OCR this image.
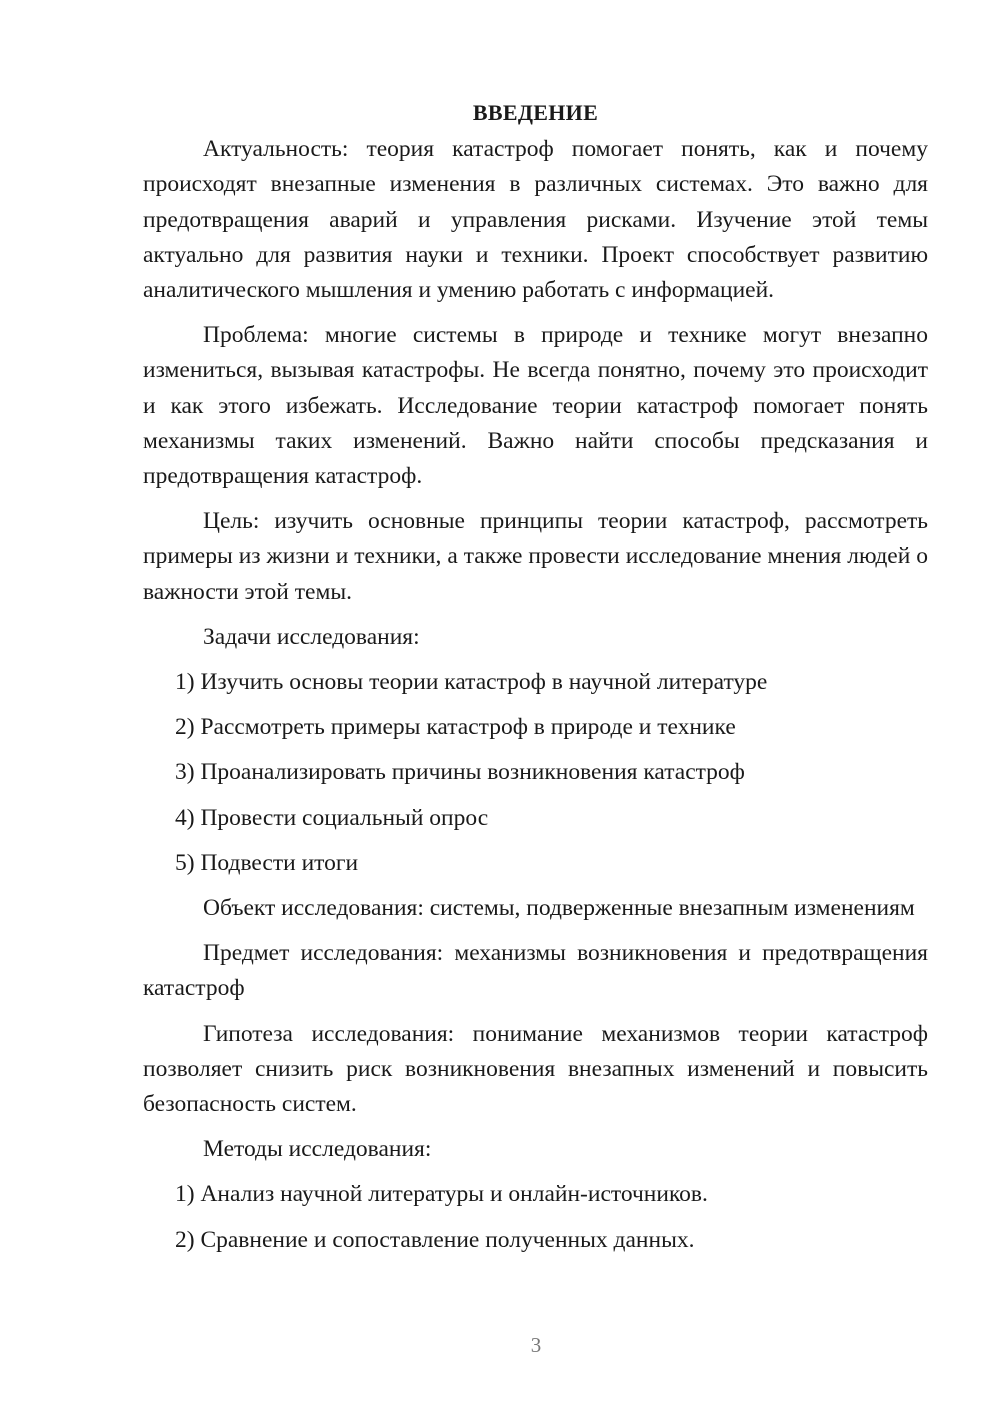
ВВЕДЕНИЕ

Актуальность: теория катастроф помогает понять, как и почему происходят внезапные изменения в различных системах. Это важно для предотвращения аварий и управления рисками. Изучение этой темы актуально для развития науки и техники. Проект способствует развитию аналитического мышления и умению работать с информацией.

Проблема: многие системы в природе и технике могут внезапно измениться, вызывая катастрофы. Не всегда понятно, почему это происходит и как этого избежать. Исследование теории катастроф помогает понять механизмы таких изменений. Важно найти способы предсказания и предотвращения катастроф.

Цель: изучить основные принципы теории катастроф, рассмотреть примеры из жизни и техники, а также провести исследование мнения людей о важности этой темы.

Задачи исследования:

1) Изучить основы теории катастроф в научной литературе

2) Рассмотреть примеры катастроф в природе и технике

3) Проанализировать причины возникновения катастроф

4) Провести социальный опрос

5) Подвести итоги

Объект исследования: системы, подверженные внезапным изменениям

Предмет исследования: механизмы возникновения и предотвращения катастроф

Гипотеза исследования: понимание механизмов теории катастроф позволяет снизить риск возникновения внезапных изменений и повысить безопасность систем.

Методы исследования:

1) Анализ научной литературы и онлайн-источников.

2) Сравнение и сопоставление полученных данных.

3
